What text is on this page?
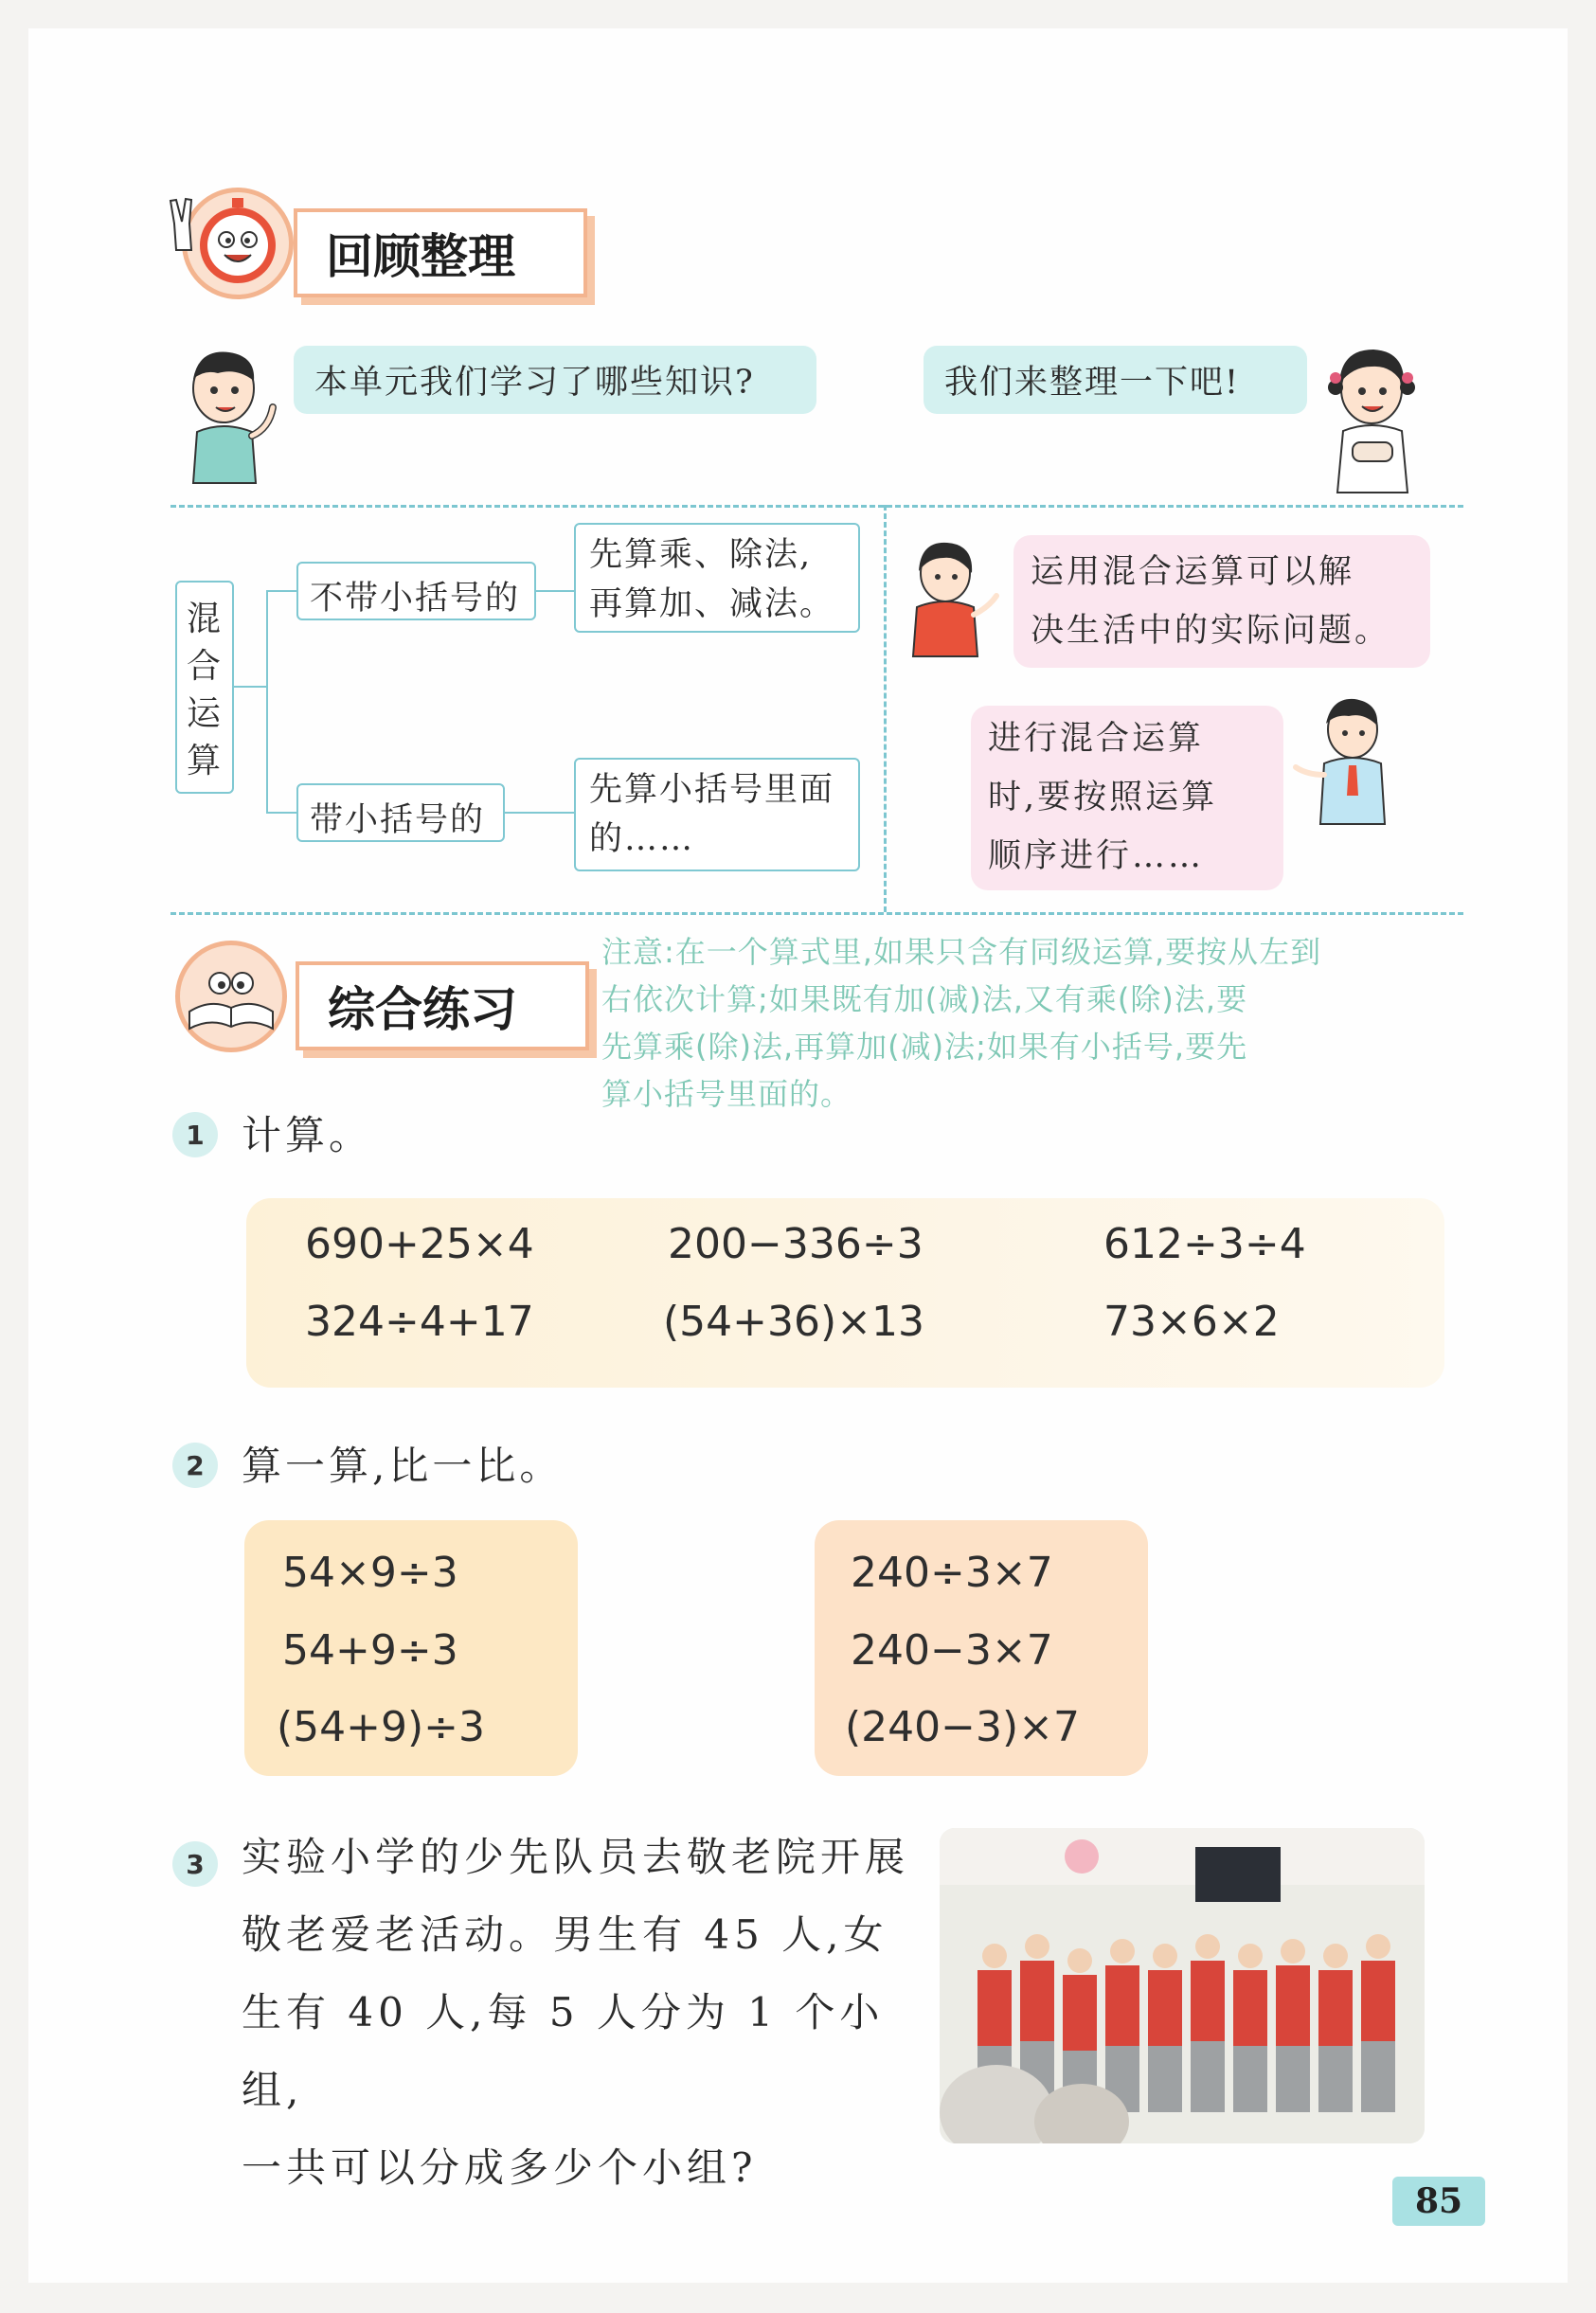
回顾整理
本单元我们学习了哪些知识?	我们来整理一下吧!
混
合
运
算
不带小括号的
先算乘、除法,
再算加、减法。
带小括号的
先算小括号里面
的……
运用混合运算可以解
决生活中的实际问题。
进行混合运算
时,要按照运算
顺序进行……
综合练习
注意:在一个算式里,如果只含有同级运算,要按从左到
右依次计算;如果既有加(减)法,又有乘(除)法,要
先算乘(除)法,再算加(减)法;如果有小括号,要先
算小括号里面的。
1 计算。
690+25×4	200−336÷3	612÷3÷4
324÷4+17	(54+36)×13	73×6×2
2 算一算,比一比。
54×9÷3
54+9÷3
(54+9)÷3
240÷3×7
240−3×7
(240−3)×7
3 实验小学的少先队员去敬老院开展
敬老爱老活动。男生有 45 人,女
生有 40 人,每 5 人分为 1 个小组,
一共可以分成多少个小组?
85
